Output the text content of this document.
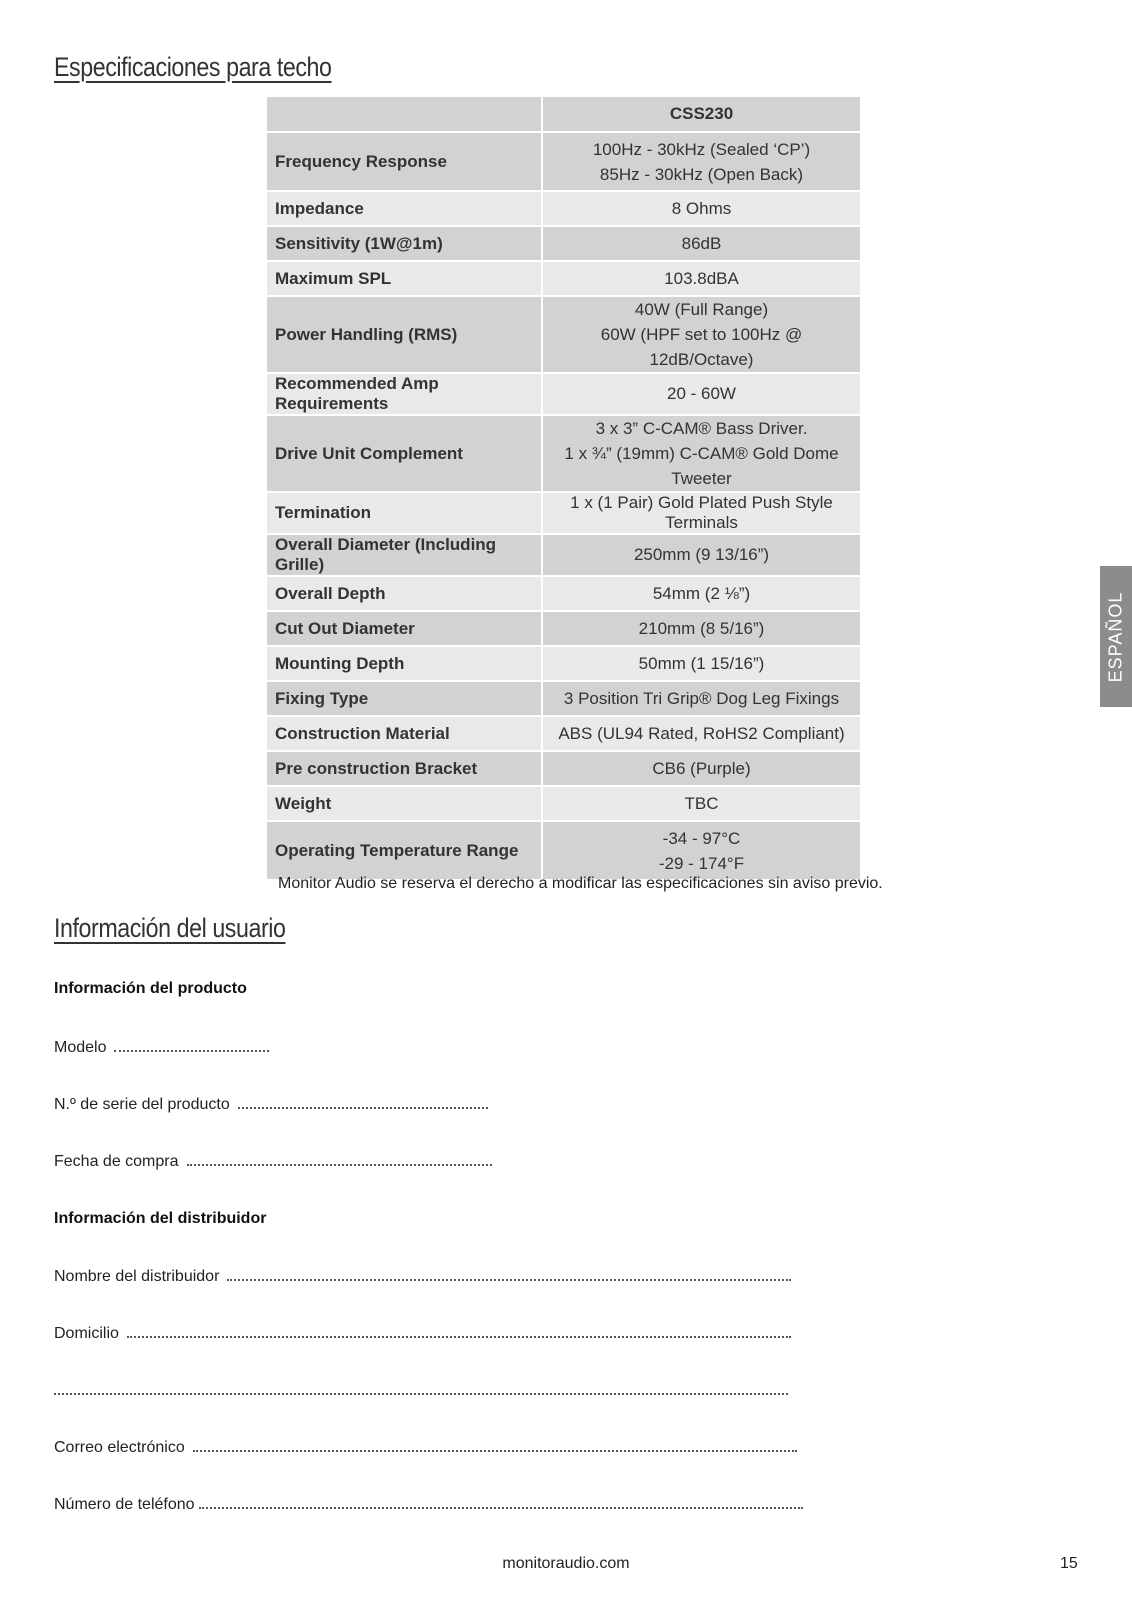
Especificaciones para techo
	CSS230
Frequency Response	100Hz - 30kHz (Sealed ‘CP’)
85Hz - 30kHz (Open Back)

Impedance	8 Ohms

Sensitivity (1W@1m)	86dB

Maximum SPL	103.8dBA

Power Handling (RMS)	40W (Full Range)
60W (HPF set to 100Hz @ 12dB/Octave)

Recommended Amp Requirements	20 - 60W

Drive Unit Complement	3 x 3” C-CAM® Bass Driver.
1 x ¾” (19mm) C-CAM® Gold Dome Tweeter

Termination	1 x (1 Pair) Gold Plated Push Style Terminals

Overall Diameter (Including Grille)	250mm (9 13/16”)

Overall Depth	54mm (2 ⅛”)

Cut Out Diameter	210mm (8 5/16”)

Mounting Depth	50mm (1 15/16”)

Fixing Type	3 Position Tri Grip® Dog Leg Fixings

Construction Material	ABS (UL94 Rated, RoHS2 Compliant)

Pre construction Bracket	CB6 (Purple)

Weight	TBC

Operating Temperature Range	-34 - 97°C
-29 - 174°F
Monitor Audio se reserva el derecho a modificar las especificaciones sin aviso previo.
Información del usuario
Información del producto
Modelo
N.º de serie del producto
Fecha de compra
Información del distribuidor
Nombre del distribuidor
Domicilio
Correo electrónico
Número de teléfono
ESPAÑOL
monitoraudio.com	15
